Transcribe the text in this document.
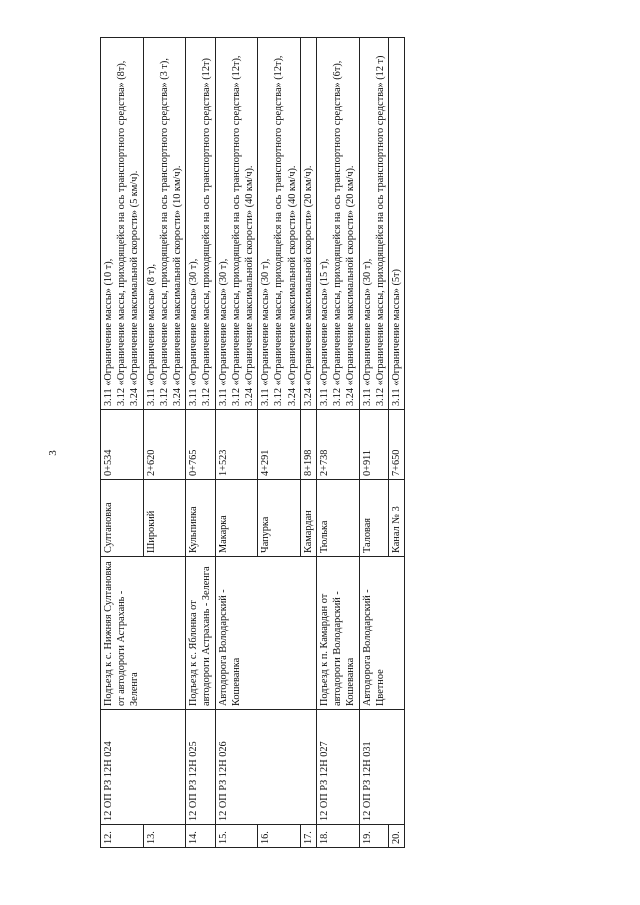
3
12.	12 ОП РЗ 12Н 024	Подъезд к с. Нижняя Султановка от автодороги Астрахань - Зеленга	Султановка	0+534	3.11 «Ограничение массы» (10 т), 3.12 «Ограничение массы, приходящейся на ось транспортного средства» (8т), 3.24 «Ограничение максимальной скорости» (5 км/ч).

13.			Широкий	2+620	3.11 «Ограничение массы» (8 т), 3.12 «Ограничение массы, приходящейся на ось транспортного средства» (3 т), 3.24 «Ограничение максимальной скорости» (10 км/ч).

14.	12 ОП РЗ 12Н 025	Подъезд к с. Яблонка от автодороги Астрахань - Зеленга	Кульпинка	0+765	3.11 «Ограничение массы» (30 т), 3.12 «Ограничение массы, приходящейся на ось транспортного средства» (12т)

15.	12 ОП РЗ 12Н 026	Автодорога Володарский - Кошеванка	Макарка	1+523	3.11 «Ограничение массы» (30 т), 3.12 «Ограничение массы, приходящейся на ось транспортного средства» (12т), 3.24 «Ограничение максимальной скорости» (40 км/ч).

16.			Чапурка	4+291	3.11 «Ограничение массы» (30 т), 3.12 «Ограничение массы, приходящейся на ось транспортного средства» (12т), 3.24 «Ограничение максимальной скорости» (40 км/ч).

17.			Камардан	8+198	3.24 «Ограничение максимальной скорости» (20 км/ч).

18.	12 ОП РЗ 12Н 027	Подъезд к п. Камардан от автодороги Володарский - Кошеванка	Тюлька	2+738	3.11 «Ограничение массы» (15 т), 3.12 «Ограничение массы, приходящейся на ось транспортного средства» (6т), 3.24 «Ограничение максимальной скорости» (20 км/ч).

19.	12 ОП РЗ 12Н 031	Автодорога Володарский - Цветное	Таловая	0+911	3.11 «Ограничение массы» (30 т), 3.12 «Ограничение массы, приходящейся на ось транспортного средства» (12 т)

20.			Канал № 3	7+650	3.11 «Ограничение массы» (5т)
